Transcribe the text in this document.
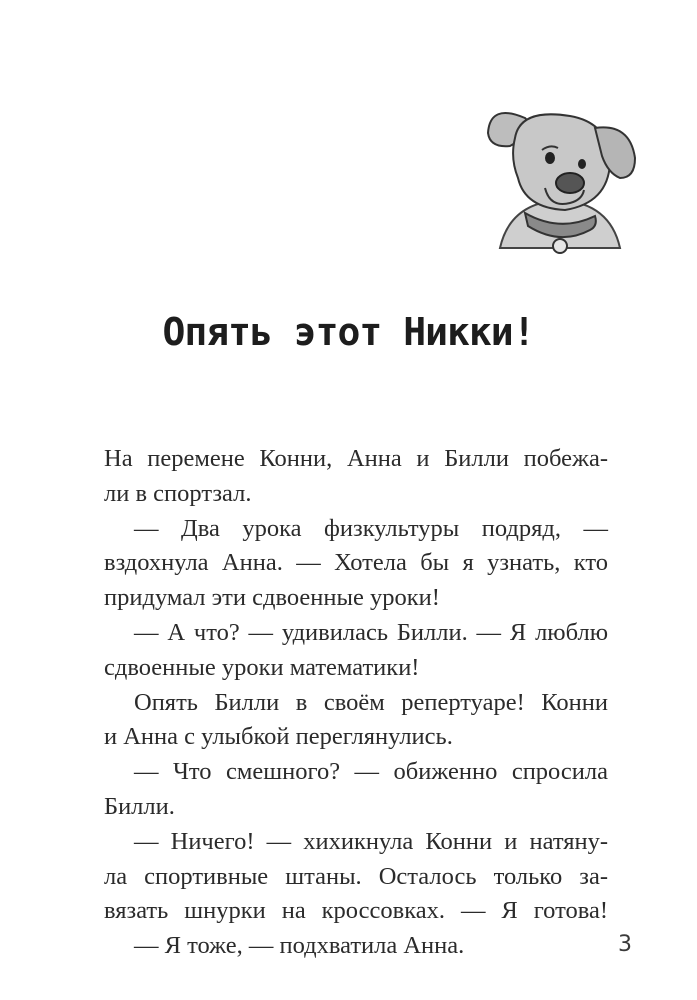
Опять этот Никки!
На перемене Конни, Анна и Билли побежа-
ли в спортзал.
— Два урока физкультуры подряд, —
вздохнула Анна. — Хотела бы я узнать, кто
придумал эти сдвоенные уроки!
— А что? — удивилась Билли. — Я люблю
сдвоенные уроки математики!
Опять Билли в своём репертуаре! Конни
и Анна с улыбкой переглянулись.
— Что смешного? — обиженно спросила
Билли.
— Ничего! — хихикнула Конни и натяну-
ла спортивные штаны. Осталось только за-
вязать шнурки на кроссовках. — Я готова!
— Я тоже, — подхватила Анна.	3
